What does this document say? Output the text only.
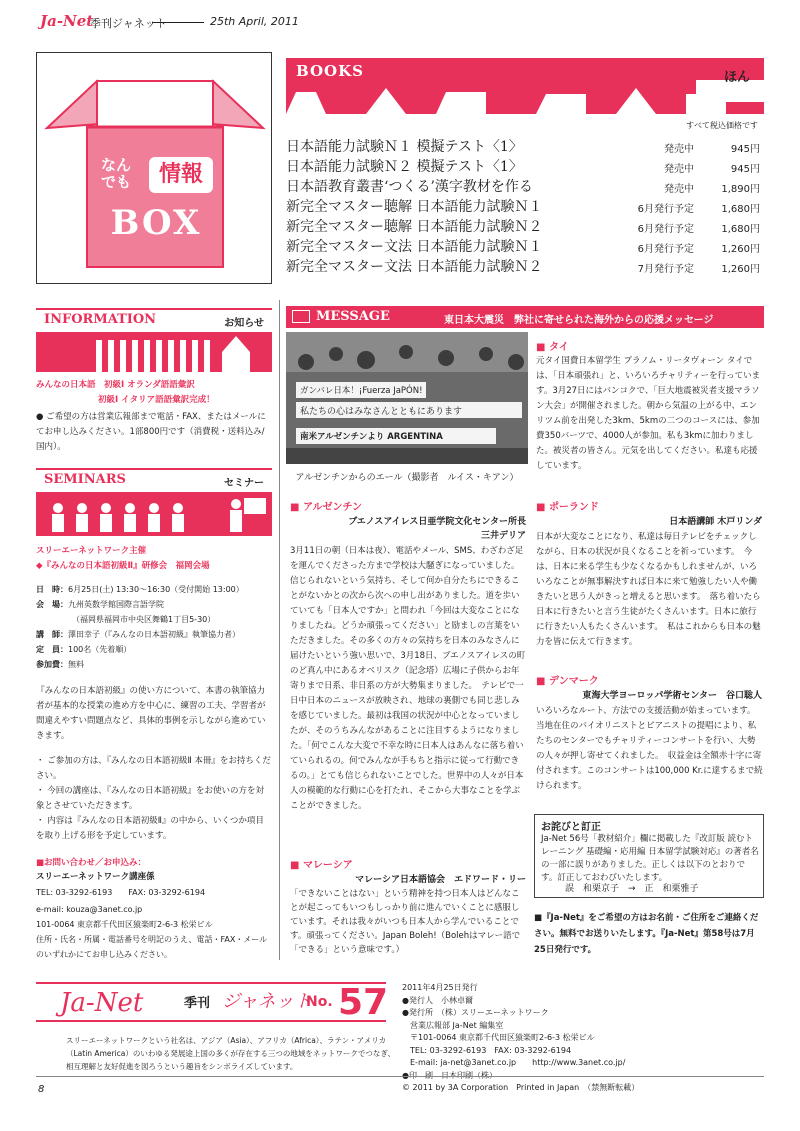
Ja-Net
季刊ジャネット	25th April, 2011
なんでも	情報
BOX
BOOKS	ほん
すべて税込価格です
日本語能力試験Ｎ１ 模擬テスト〈1〉	発売中	945円
日本語能力試験Ｎ２ 模擬テスト〈1〉	発売中	945円
日本語教育叢書‘つくる’漢字教材を作る	発売中	1,890円
新完全マスター聴解 日本語能力試験Ｎ１	6月発行予定	1,680円
新完全マスター聴解 日本語能力試験Ｎ２	6月発行予定	1,680円
新完全マスター文法 日本語能力試験Ｎ１	6月発行予定	1,260円
新完全マスター文法 日本語能力試験Ｎ２	7月発行予定	1,260円
INFORMATION	お知らせ
みんなの日本語　初級Ⅰ オランダ語語彙訳
初級Ⅰ イタリア語語彙訳完成！
● ご希望の方は営業広報部まで電話・FAX、またはメールにてお申し込みください。1部800円です（消費税・送料込み/国内）。
SEMINARS	セミナー
スリーエーネットワーク主催
◆『みんなの日本語初級Ⅱ』研修会　福岡会場
日　時：6月25日(土) 13:30～16:30（受付開始 13:00）
会　場：九州英数学館国際言語学院
（福岡県福岡市中央区舞鶴1丁目5-30）
講　師：澤田幸子（『みんなの日本語初級』執筆協力者）
定　員：100名（先着順）
参加費：無料
『みんなの日本語初級』の使い方について、本書の執筆協力者が基本的な授業の進め方を中心に、練習の工夫、学習者が間違えやすい問題点など、具体的事例を示しながら進めていきます。
・ ご参加の方は、『みんなの日本語初級Ⅱ 本冊』をお持ちください。
・ 今回の講座は、『みんなの日本語初級』をお使いの方を対象とさせていただきます。
・ 内容は『みんなの日本語初級Ⅱ』の中から、いくつか項目を取り上げる形を予定しています。
■お問い合わせ／お申込み：
スリーエーネットワーク講座係
TEL: 03-3292-6193　　FAX: 03-3292-6194
e-mail: kouza@3anet.co.jp
101-0064 東京都千代田区猿楽町2-6-3 松栄ビル
住所・氏名・所属・電話番号を明記のうえ、電話・FAX・メールのいずれかにてお申し込みください。
MESSAGE	東日本大震災　弊社に寄せられた海外からの応援メッセージ
ガンバレ日本！¡Fuerza JaPÓN!
私たちの心はみなさんとともにあります
南米アルゼンチンより ARGENTINA
アルゼンチンからのエール（撮影者　ルイス・キアン）
■ タイ
元タイ国費日本留学生 プラノム・リータヴォーン タイでは、「日本頑張れ」と、いろいろチャリティーを行っています。3月27日にはバンコクで、「巨大地震被災者支援マラソン大会」が開催されました。朝から気温の上がる中、エンリツム前を出発した3km、5kmの二つのコースには、参加費350バーツで、4000人が参加。私も3kmに加わりました。被災者の皆さん。元気を出してください。私達も応援しています。
■ アルゼンチン
ブエノスアイレス日亜学院文化センター所長
三井デリア
3月11日の朝（日本は夜）、電話やメール、SMS、わざわざ足を運んでくださった方まで学校は大騒ぎになっていました。信じられないという気持ち、そして何か自分たちにできることがないかとの次から次への申し出がありました。道を歩いていても「日本人ですか」と問われ「今回は大変なことになりましたね。どうか頑張ってください」と励ましの言葉をいただきました。その多くの方々の気持ちを日本のみなさんに届けたいという強い思いで、3月18日、ブエノスアイレスの町のど真ん中にあるオベリスク（記念塔）広場に子供からお年寄りまで日系、非日系の方が大勢集まりました。　テレビで一日中日本のニュースが放映され、地球の裏側でも同じ悲しみを感じていました。最初は我国の状況が中心となっていましたが、そのうちみんながあることに注目するようになりました。「何でこんな大変で不幸な時に日本人はあんなに落ち着いていられるの。何でみんなが手もちと指示に従って行動できるの。」とても信じられないことでした。世界中の人々が日本人の模範的な行動に心を打たれ、そこから大事なことを学ぶことができました。
■ マレーシア
マレーシア日本語協会　エドワード・リー
「できないことはない」という精神を持つ日本人はどんなことが起こってもいつもしっかり前に進んでいくことに感服しています。それは我々がいつも日本人から学んでいることです。頑張ってください。Japan Boleh!（Bolehはマレー語で「できる」という意味です。）
■ ポーランド
日本語講師 木戸リンダ
日本が大変なことになり、私達は毎日テレビをチェックしながら、日本の状況が良くなることを祈っています。　今は、日本に来る学生も少なくなるかもしれませんが、いろいろなことが無事解決すれば日本に来て勉強したい人や働きたいと思う人がきっと増えると思います。　落ち着いたら日本に行きたいと言う生徒がたくさんいます。日本に旅行に行きたい人もたくさんいます。　私はこれからも日本の魅力を皆に伝えて行きます。
■ デンマーク
東海大学ヨーロッパ学術センター　谷口聡人
いろいろなルート、方法での支援活動が始まっています。当地在住のバイオリニストとピアニストの提唱により、私たちのセンターでもチャリティーコンサートを行い、大勢の人々が押し寄せてくれました。　収益金は全額赤十字に寄付されます。このコンサートは100,000 Kr.に達するまで続けられます。
お詫びと訂正
Ja-Net 56号「教材紹介」欄に掲載した『改訂版 読むトレーニング 基礎編・応用編 日本留学試験対応』の著者名の一部に誤りがありました。正しくは以下のとおりです。訂正しておわびいたします。
誤　和栗京子　→　正　和栗雅子
■『Ja-Net』をご希望の方はお名前・ご住所をご連絡ください。無料でお送りいたします。『Ja-Net』第58号は7月25日発行です。
Ja-Net	季刊 ジャネット
No. 57
スリーエーネットワークという社名は、アジア（Asia）、アフリカ（Africa）、ラテン・アメリカ（Latin America）のいわゆる発展途上国の多くが存在する三つの地域をネットワークでつなぎ、相互理解と友好促進を図ろうという趣旨をシンボライズしています。
2011年4月25日発行
●発行人　小林卓爾
●発行所　（株）スリーエーネットワーク
　営業広報部 Ja-Net 編集室
　〒101-0064 東京都千代田区猿楽町2-6-3 松栄ビル
　TEL: 03-3292-6193　FAX: 03-3292-6194
　E-mail: ja-net@3anet.co.jp　　http://www.3anet.co.jp/
●印　刷　日本印刷（株）
© 2011 by 3A Corporation　Printed in Japan　（禁無断転載）
8
